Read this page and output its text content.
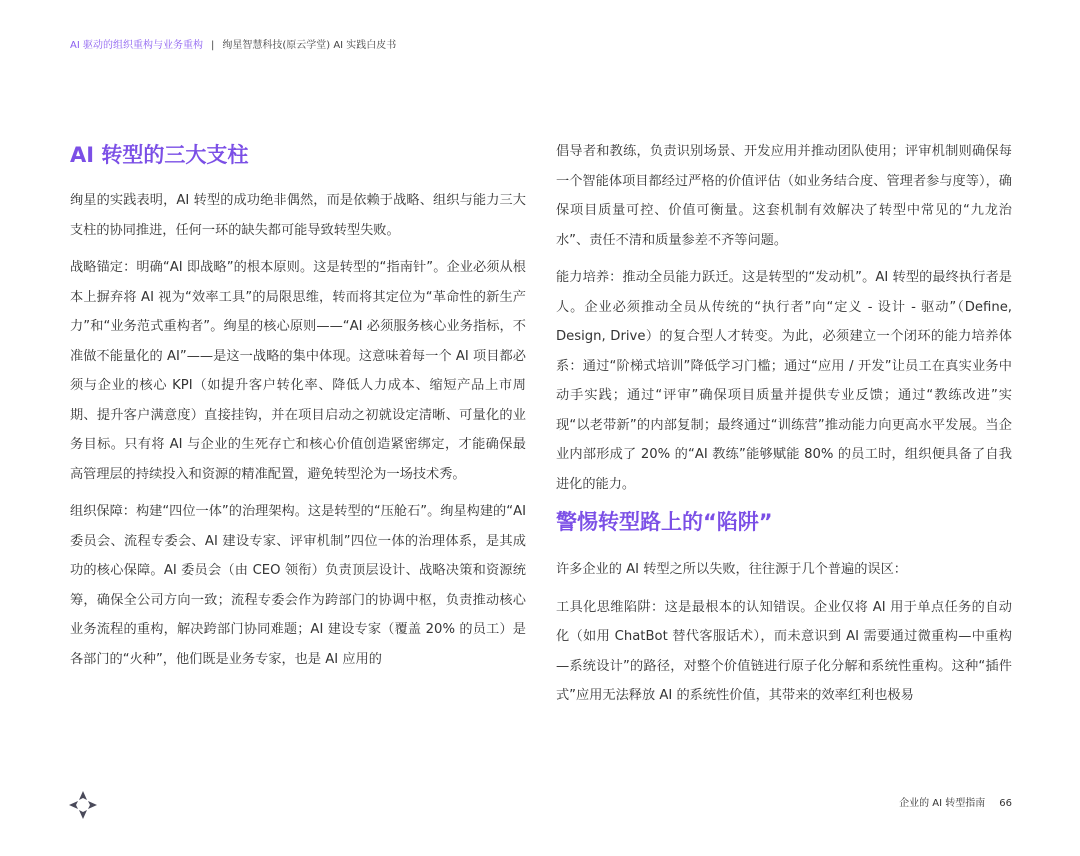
AI 驱动的组织重构与业务重构 | 绚星智慧科技(原云学堂) AI 实践白皮书
AI 转型的三大支柱

绚星的实践表明，AI 转型的成功绝非偶然，而是依赖于战略、组织与能力三大支柱的协同推进，任何一环的缺失都可能导致转型失败。

战略锚定：明确“AI 即战略”的根本原则。这是转型的“指南针”。企业必须从根本上摒弃将 AI 视为“效率工具”的局限思维，转而将其定位为“革命性的新生产力”和“业务范式重构者”。绚星的核心原则——“AI 必须服务核心业务指标，不准做不能量化的 AI”——是这一战略的集中体现。这意味着每一个 AI 项目都必须与企业的核心 KPI（如提升客户转化率、降低人力成本、缩短产品上市周期、提升客户满意度）直接挂钩，并在项目启动之初就设定清晰、可量化的业务目标。只有将 AI 与企业的生死存亡和核心价值创造紧密绑定，才能确保最高管理层的持续投入和资源的精准配置，避免转型沦为一场技术秀。

组织保障：构建“四位一体”的治理架构。这是转型的“压舱石”。绚星构建的“AI 委员会、流程专委会、AI 建设专家、评审机制”四位一体的治理体系，是其成功的核心保障。AI 委员会（由 CEO 领衔）负责顶层设计、战略决策和资源统筹，确保全公司方向一致；流程专委会作为跨部门的协调中枢，负责推动核心业务流程的重构，解决跨部门协同难题；AI 建设专家（覆盖 20% 的员工）是各部门的“火种”，他们既是业务专家，也是 AI 应用的

倡导者和教练，负责识别场景、开发应用并推动团队使用；评审机制则确保每一个智能体项目都经过严格的价值评估（如业务结合度、管理者参与度等），确保项目质量可控、价值可衡量。这套机制有效解决了转型中常见的“九龙治水”、责任不清和质量参差不齐等问题。

能力培养：推动全员能力跃迁。这是转型的“发动机”。AI 转型的最终执行者是人。企业必须推动全员从传统的“执行者”向“定义 - 设计 - 驱动”（Define, Design, Drive）的复合型人才转变。为此，必须建立一个闭环的能力培养体系：通过“阶梯式培训”降低学习门槛；通过“应用 / 开发”让员工在真实业务中动手实践；通过“评审”确保项目质量并提供专业反馈；通过“教练改进”实现“以老带新”的内部复制；最终通过“训练营”推动能力向更高水平发展。当企业内部形成了 20% 的“AI 教练”能够赋能 80% 的员工时，组织便具备了自我进化的能力。

警惕转型路上的“陷阱”

许多企业的 AI 转型之所以失败，往往源于几个普遍的误区：

工具化思维陷阱：这是最根本的认知错误。企业仅将 AI 用于单点任务的自动化（如用 ChatBot 替代客服话术），而未意识到 AI 需要通过微重构—中重构—系统设计”的路径，对整个价值链进行原子化分解和系统性重构。这种“插件式”应用无法释放 AI 的系统性价值，其带来的效率红利也极易

企业的 AI 转型指南 66
